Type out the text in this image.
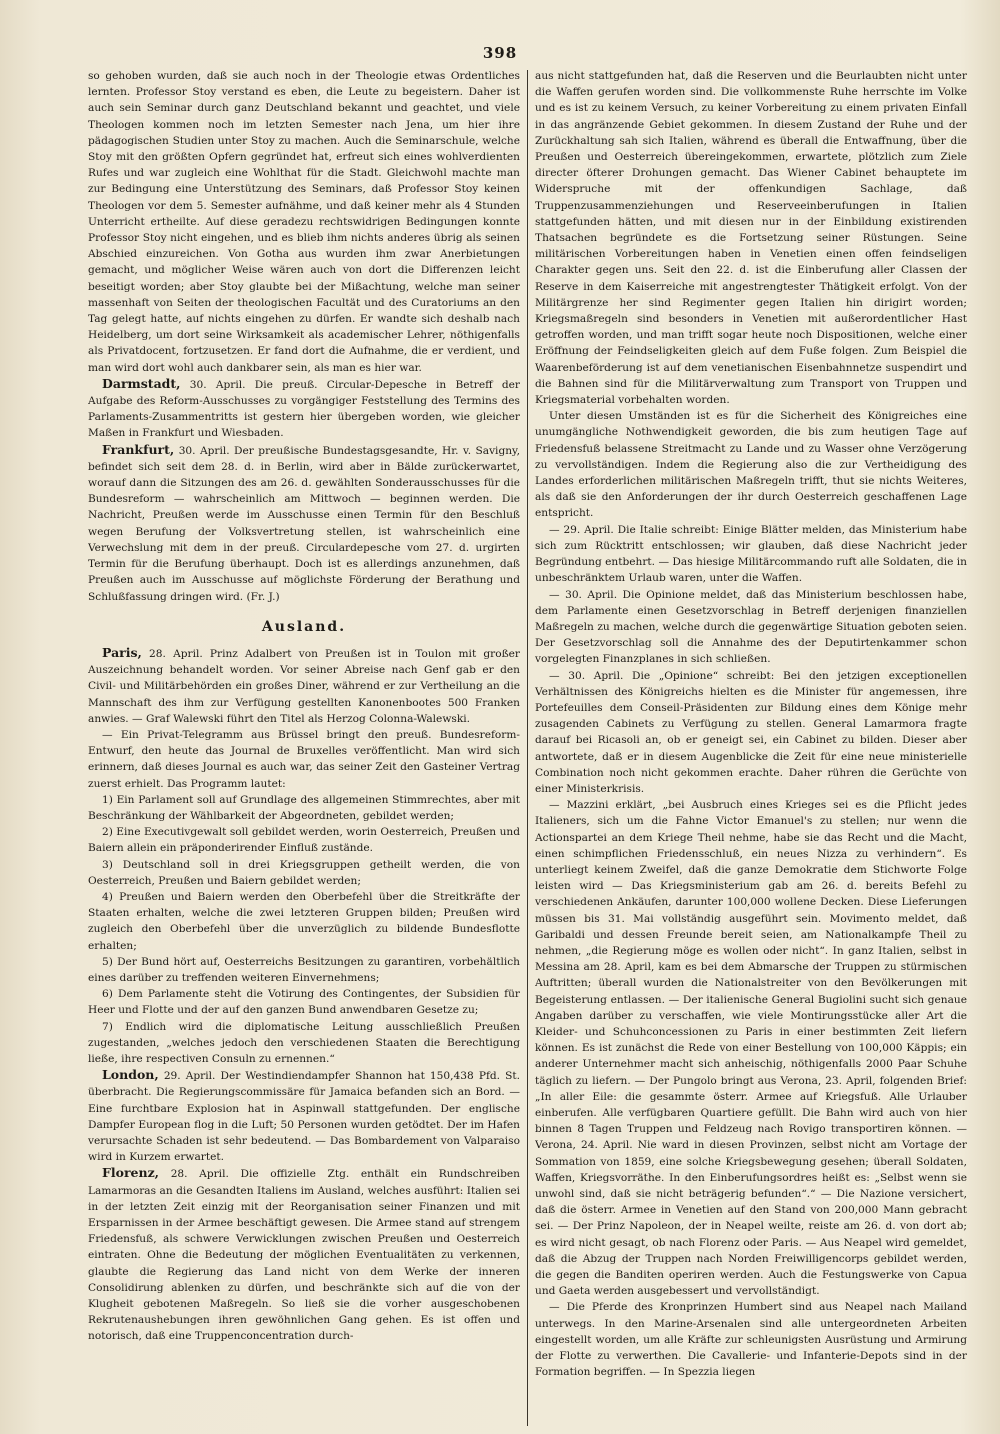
398

so gehoben wurden, daß sie auch noch in der Theologie etwas Ordentliches lernten. Professor Stoy verstand es eben, die Leute zu begeistern. Daher ist auch sein Seminar durch ganz Deutschland bekannt und geachtet, und viele Theologen kommen noch im letzten Semester nach Jena, um hier ihre pädagogischen Studien unter Stoy zu machen. Auch die Seminarschule, welche Stoy mit den größten Opfern gegründet hat, erfreut sich eines wohlverdienten Rufes und war zugleich eine Wohlthat für die Stadt. Gleichwohl machte man zur Bedingung eine Unterstützung des Seminars, daß Professor Stoy keinen Theologen vor dem 5. Semester aufnähme, und daß keiner mehr als 4 Stunden Unterricht ertheilte. Auf diese geradezu rechtswidrigen Bedingungen konnte Professor Stoy nicht eingehen, und es blieb ihm nichts anderes übrig als seinen Abschied einzureichen. Von Gotha aus wurden ihm zwar Anerbietungen gemacht, und möglicher Weise wären auch von dort die Differenzen leicht beseitigt worden; aber Stoy glaubte bei der Mißachtung, welche man seiner massenhaft von Seiten der theologischen Facultät und des Curatoriums an den Tag gelegt hatte, auf nichts eingehen zu dürfen. Er wandte sich deshalb nach Heidelberg, um dort seine Wirksamkeit als academischer Lehrer, nöthigenfalls als Privatdocent, fortzusetzen. Er fand dort die Aufnahme, die er verdient, und man wird dort wohl auch dankbarer sein, als man es hier war.

Darmstadt, 30. April. Die preuß. Circular-Depesche in Betreff der Aufgabe des Reform-Ausschusses zu vorgängiger Feststellung des Termins des Parlaments-Zusammentritts ist gestern hier übergeben worden, wie gleicher Maßen in Frankfurt und Wiesbaden.

Frankfurt, 30. April. Der preußische Bundestagsgesandte, Hr. v. Savigny, befindet sich seit dem 28. d. in Berlin, wird aber in Bälde zurückerwartet, worauf dann die Sitzungen des am 26. d. gewählten Sonderausschusses für die Bundesreform — wahrscheinlich am Mittwoch — beginnen werden. Die Nachricht, Preußen werde im Ausschusse einen Termin für den Beschluß wegen Berufung der Volksvertretung stellen, ist wahrscheinlich eine Verwechslung mit dem in der preuß. Circulardepesche vom 27. d. urgirten Termin für die Berufung überhaupt. Doch ist es allerdings anzunehmen, daß Preußen auch im Ausschusse auf möglichste Förderung der Berathung und Schlußfassung dringen wird. (Fr. J.)

Ausland.

Paris, 28. April. Prinz Adalbert von Preußen ist in Toulon mit großer Auszeichnung behandelt worden. Vor seiner Abreise nach Genf gab er den Civil- und Militärbehörden ein großes Diner, während er zur Vertheilung an die Mannschaft des ihm zur Verfügung gestellten Kanonenbootes 500 Franken anwies. — Graf Walewski führt den Titel als Herzog Colonna-Walewski.

— Ein Privat-Telegramm aus Brüssel bringt den preuß. Bundesreform-Entwurf, den heute das Journal de Bruxelles veröffentlicht. Man wird sich erinnern, daß dieses Journal es auch war, das seiner Zeit den Gasteiner Vertrag zuerst erhielt. Das Programm lautet:

1) Ein Parlament soll auf Grundlage des allgemeinen Stimmrechtes, aber mit Beschränkung der Wählbarkeit der Abgeordneten, gebildet werden;

2) Eine Executivgewalt soll gebildet werden, worin Oesterreich, Preußen und Baiern allein ein präponderirender Einfluß zustände.

3) Deutschland soll in drei Kriegsgruppen getheilt werden, die von Oesterreich, Preußen und Baiern gebildet werden;

4) Preußen und Baiern werden den Oberbefehl über die Streitkräfte der Staaten erhalten, welche die zwei letzteren Gruppen bilden; Preußen wird zugleich den Oberbefehl über die unverzüglich zu bildende Bundesflotte erhalten;

5) Der Bund hört auf, Oesterreichs Besitzungen zu garantiren, vorbehältlich eines darüber zu treffenden weiteren Einvernehmens;

6) Dem Parlamente steht die Votirung des Contingentes, der Subsidien für Heer und Flotte und der auf den ganzen Bund anwendbaren Gesetze zu;

7) Endlich wird die diplomatische Leitung ausschließlich Preußen zugestanden, „welches jedoch den verschiedenen Staaten die Berechtigung ließe, ihre respectiven Consuln zu ernennen.“

London, 29. April. Der Westindiendampfer Shannon hat 150,438 Pfd. St. überbracht. Die Regierungscommissäre für Jamaica befanden sich an Bord. — Eine furchtbare Explosion hat in Aspinwall stattgefunden. Der englische Dampfer European flog in die Luft; 50 Personen wurden getödtet. Der im Hafen verursachte Schaden ist sehr bedeutend. — Das Bombardement von Valparaiso wird in Kurzem erwartet.

Florenz, 28. April. Die offizielle Ztg. enthält ein Rundschreiben Lamarmoras an die Gesandten Italiens im Ausland, welches ausführt: Italien sei in der letzten Zeit einzig mit der Reorganisation seiner Finanzen und mit Ersparnissen in der Armee beschäftigt gewesen. Die Armee stand auf strengem Friedensfuß, als schwere Verwicklungen zwischen Preußen und Oesterreich eintraten. Ohne die Bedeutung der möglichen Eventualitäten zu verkennen, glaubte die Regierung das Land nicht von dem Werke der inneren Consolidirung ablenken zu dürfen, und beschränkte sich auf die von der Klugheit gebotenen Maßregeln. So ließ sie die vorher ausgeschobenen Rekrutenaushebungen ihren gewöhnlichen Gang gehen. Es ist offen und notorisch, daß eine Truppenconcentration durch-

aus nicht stattgefunden hat, daß die Reserven und die Beurlaubten nicht unter die Waffen gerufen worden sind. Die vollkommenste Ruhe herrschte im Volke und es ist zu keinem Versuch, zu keiner Vorbereitung zu einem privaten Einfall in das angränzende Gebiet gekommen. In diesem Zustand der Ruhe und der Zurückhaltung sah sich Italien, während es überall die Entwaffnung, über die Preußen und Oesterreich übereingekommen, erwartete, plötzlich zum Ziele directer öfterer Drohungen gemacht. Das Wiener Cabinet behauptete im Widerspruche mit der offenkundigen Sachlage, daß Truppenzusammenziehungen und Reserveeinberufungen in Italien stattgefunden hätten, und mit diesen nur in der Einbildung existirenden Thatsachen begründete es die Fortsetzung seiner Rüstungen. Seine militärischen Vorbereitungen haben in Venetien einen offen feindseligen Charakter gegen uns. Seit den 22. d. ist die Einberufung aller Classen der Reserve in dem Kaiserreiche mit angestrengtester Thätigkeit erfolgt. Von der Militärgrenze her sind Regimenter gegen Italien hin dirigirt worden; Kriegsmaßregeln sind besonders in Venetien mit außerordentlicher Hast getroffen worden, und man trifft sogar heute noch Dispositionen, welche einer Eröffnung der Feindseligkeiten gleich auf dem Fuße folgen. Zum Beispiel die Waarenbeförderung ist auf dem venetianischen Eisenbahnnetze suspendirt und die Bahnen sind für die Militärverwaltung zum Transport von Truppen und Kriegsmaterial vorbehalten worden.

Unter diesen Umständen ist es für die Sicherheit des Königreiches eine unumgängliche Nothwendigkeit geworden, die bis zum heutigen Tage auf Friedensfuß belassene Streitmacht zu Lande und zu Wasser ohne Verzögerung zu vervollständigen. Indem die Regierung also die zur Vertheidigung des Landes erforderlichen militärischen Maßregeln trifft, thut sie nichts Weiteres, als daß sie den Anforderungen der ihr durch Oesterreich geschaffenen Lage entspricht.

— 29. April. Die Italie schreibt: Einige Blätter melden, das Ministerium habe sich zum Rücktritt entschlossen; wir glauben, daß diese Nachricht jeder Begründung entbehrt. — Das hiesige Militärcommando ruft alle Soldaten, die in unbeschränktem Urlaub waren, unter die Waffen.

— 30. April. Die Opinione meldet, daß das Ministerium beschlossen habe, dem Parlamente einen Gesetzvorschlag in Betreff derjenigen finanziellen Maßregeln zu machen, welche durch die gegenwärtige Situation geboten seien. Der Gesetzvorschlag soll die Annahme des der Deputirtenkammer schon vorgelegten Finanzplanes in sich schließen.

— 30. April. Die „Opinione“ schreibt: Bei den jetzigen exceptionellen Verhältnissen des Königreichs hielten es die Minister für angemessen, ihre Portefeuilles dem Conseil-Präsidenten zur Bildung eines dem Könige mehr zusagenden Cabinets zu Verfügung zu stellen. General Lamarmora fragte darauf bei Ricasoli an, ob er geneigt sei, ein Cabinet zu bilden. Dieser aber antwortete, daß er in diesem Augenblicke die Zeit für eine neue ministerielle Combination noch nicht gekommen erachte. Daher rühren die Gerüchte von einer Ministerkrisis.

— Mazzini erklärt, „bei Ausbruch eines Krieges sei es die Pflicht jedes Italieners, sich um die Fahne Victor Emanuel's zu stellen; nur wenn die Actionspartei an dem Kriege Theil nehme, habe sie das Recht und die Macht, einen schimpflichen Friedensschluß, ein neues Nizza zu verhindern“. Es unterliegt keinem Zweifel, daß die ganze Demokratie dem Stichworte Folge leisten wird — Das Kriegsministerium gab am 26. d. bereits Befehl zu verschiedenen Ankäufen, darunter 100,000 wollene Decken. Diese Lieferungen müssen bis 31. Mai vollständig ausgeführt sein. Movimento meldet, daß Garibaldi und dessen Freunde bereit seien, am Nationalkampfe Theil zu nehmen, „die Regierung möge es wollen oder nicht“. In ganz Italien, selbst in Messina am 28. April, kam es bei dem Abmarsche der Truppen zu stürmischen Auftritten; überall wurden die Nationalstreiter von den Bevölkerungen mit Begeisterung entlassen. — Der italienische General Bugiolini sucht sich genaue Angaben darüber zu verschaffen, wie viele Montirungsstücke aller Art die Kleider- und Schuhconcessionen zu Paris in einer bestimmten Zeit liefern können. Es ist zunächst die Rede von einer Bestellung von 100,000 Käppis; ein anderer Unternehmer macht sich anheischig, nöthigenfalls 2000 Paar Schuhe täglich zu liefern. — Der Pungolo bringt aus Verona, 23. April, folgenden Brief: „In aller Eile: die gesammte österr. Armee auf Kriegsfuß. Alle Urlauber einberufen. Alle verfügbaren Quartiere gefüllt. Die Bahn wird auch von hier binnen 8 Tagen Truppen und Feldzeug nach Rovigo transportiren können. — Verona, 24. April. Nie ward in diesen Provinzen, selbst nicht am Vortage der Sommation von 1859, eine solche Kriegsbewegung gesehen; überall Soldaten, Waffen, Kriegsvorräthe. In den Einberufungsordres heißt es: „Selbst wenn sie unwohl sind, daß sie nicht beträgerig befunden“.“ — Die Nazione versichert, daß die österr. Armee in Venetien auf den Stand von 200,000 Mann gebracht sei. — Der Prinz Napoleon, der in Neapel weilte, reiste am 26. d. von dort ab; es wird nicht gesagt, ob nach Florenz oder Paris. — Aus Neapel wird gemeldet, daß die Abzug der Truppen nach Norden Freiwilligencorps gebildet werden, die gegen die Banditen operiren werden. Auch die Festungswerke von Capua und Gaeta werden ausgebessert und vervollständigt.

— Die Pferde des Kronprinzen Humbert sind aus Neapel nach Mailand unterwegs. In den Marine-Arsenalen sind alle untergeordneten Arbeiten eingestellt worden, um alle Kräfte zur schleunigsten Ausrüstung und Armirung der Flotte zu verwerthen. Die Cavallerie- und Infanterie-Depots sind in der Formation begriffen. — In Spezzia liegen
